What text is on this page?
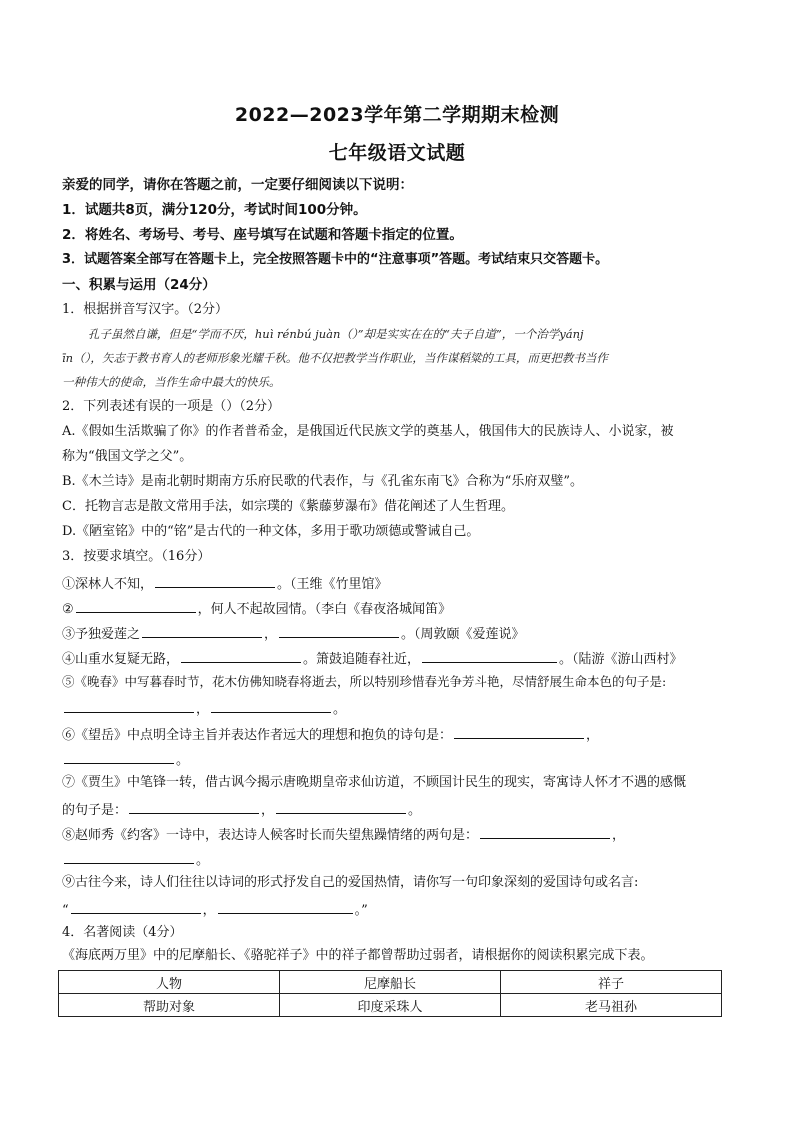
2022—2023学年第二学期期末检测
七年级语文试题
亲爱的同学，请你在答题之前，一定要仔细阅读以下说明：
1．试题共8页，满分120分，考试时间100分钟。
2．将姓名、考场号、考号、座号填写在试题和答题卡指定的位置。
3．试题答案全部写在答题卡上，完全按照答题卡中的“注意事项”答题。考试结束只交答题卡。
一、积累与运用（24分）
1．根据拼音写汉字。（2分）
孔子虽然自谦，但是“学而不厌，huì rénbú juàn（）”却是实实在在的“夫子自道”，一个治学yánj
īn（），矢志于教书育人的老师形象光耀千秋。他不仅把教学当作职业，当作谋稻粱的工具，而更把教书当作
一种伟大的使命，当作生命中最大的快乐。
2．下列表述有误的一项是（）（2分）
A.《假如生活欺骗了你》的作者普希金，是俄国近代民族文学的奠基人，俄国伟大的民族诗人、小说家，被
称为“俄国文学之父”。
B.《木兰诗》是南北朝时期南方乐府民歌的代表作，与《孔雀东南飞》合称为“乐府双璧”。
C．托物言志是散文常用手法，如宗璞的《紫藤萝瀑布》借花阐述了人生哲理。
D.《陋室铭》中的“铭”是古代的一种文体，多用于歌功颂德或警诫自己。
3．按要求填空。（16分）
①深林人不知，	。（王维《竹里馆》
②	，何人不起故园情。（李白《春夜洛城闻笛》
③予独爱莲之	，	。（周敦颐《爱莲说》
④山重水复疑无路，	。箫鼓追随春社近，	。（陆游《游山西村》
⑤《晚春》中写暮春时节，花木仿佛知晓春将逝去，所以特别珍惜春光争芳斗艳，尽情舒展生命本色的句子是:
，	。
⑥《望岳》中点明全诗主旨并表达作者远大的理想和抱负的诗句是：	，
。
⑦《贾生》中笔锋一转，借古讽今揭示唐晚期皇帝求仙访道，不顾国计民生的现实，寄寓诗人怀才不遇的感慨
的句子是：	，	。
⑧赵师秀《约客》一诗中，表达诗人候客时长而失望焦躁情绪的两句是：	，
。
⑨古往今来，诗人们往往以诗词的形式抒发自己的爱国热情，请你写一句印象深刻的爱国诗句或名言:
“	，	。”
4．名著阅读（4分）
《海底两万里》中的尼摩船长、《骆驼祥子》中的祥子都曾帮助过弱者，请根据你的阅读积累完成下表。
人物	尼摩船长	祥子
帮助对象	印度采珠人	老马祖孙
